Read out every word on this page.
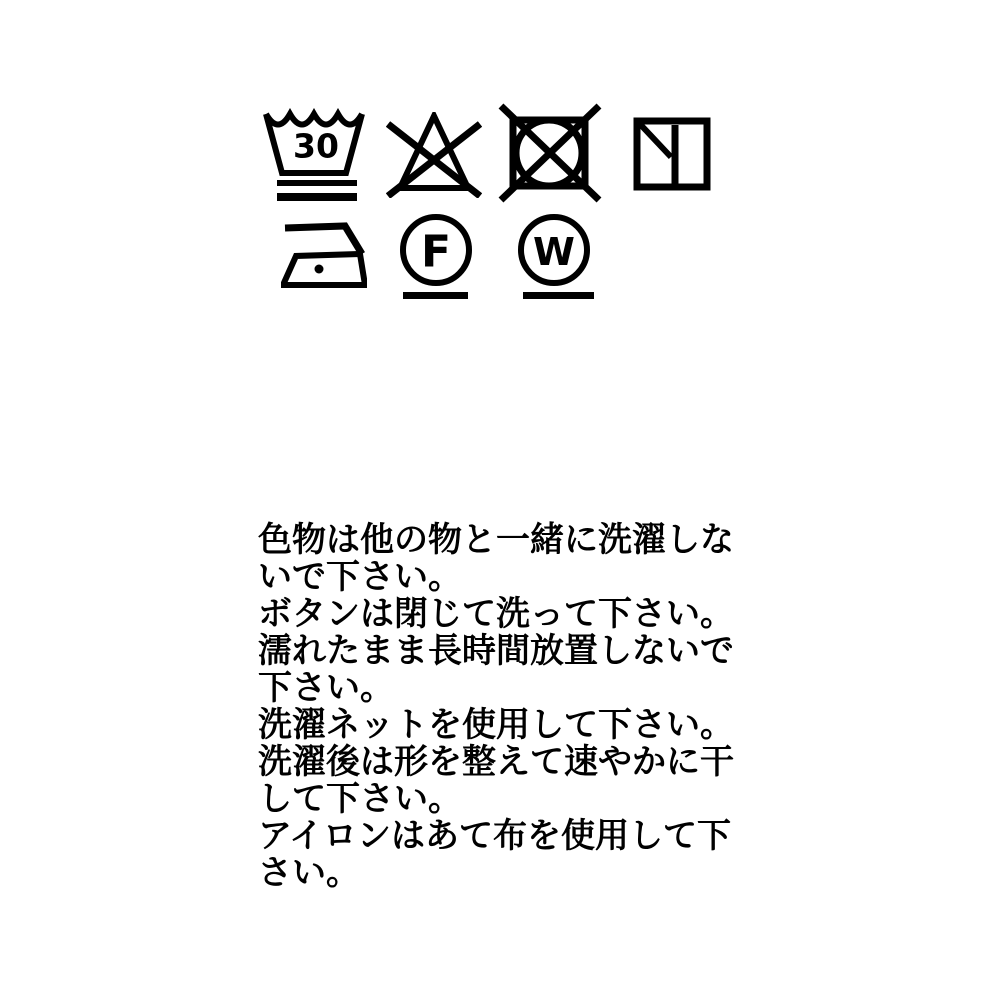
30
F W

色物は他の物と一緒に洗濯しないで下さい。

ボタンは閉じて洗って下さい。

濡れたまま長時間放置しないで下さい。

洗濯ネットを使用して下さい。

洗濯後は形を整えて速やかに干して下さい。

アイロンはあて布を使用して下さい。
